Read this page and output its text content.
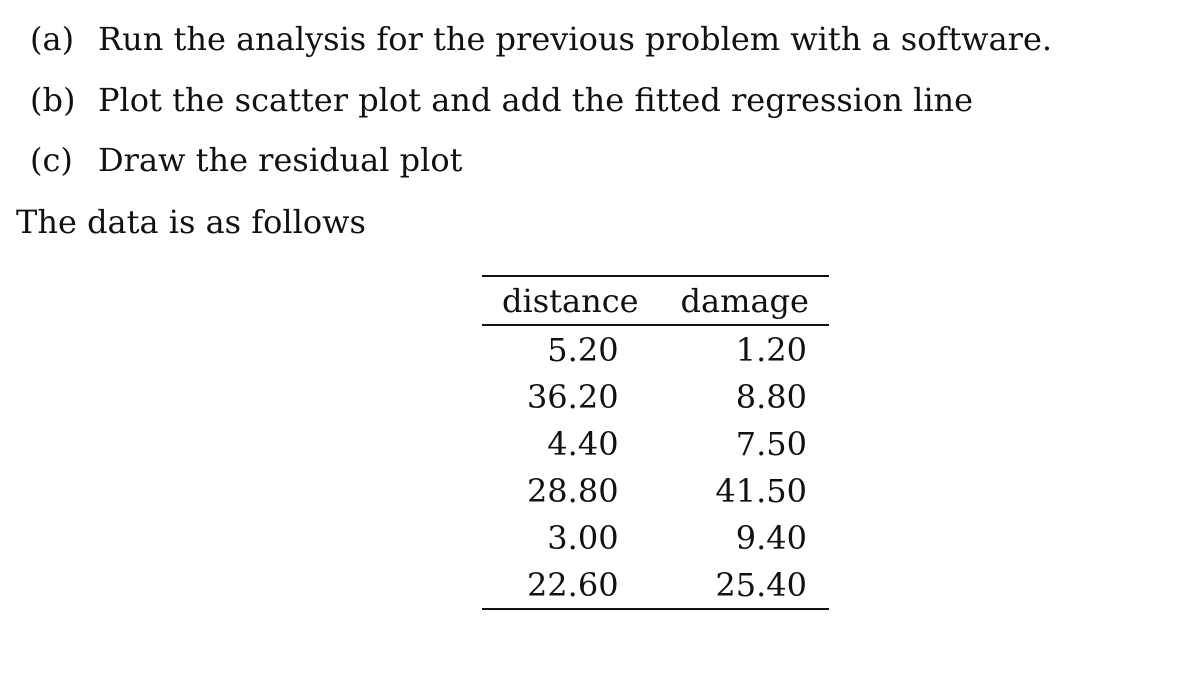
(a) Run the analysis for the previous problem with a software.
(b) Plot the scatter plot and add the fitted regression line
(c) Draw the residual plot
The data is as follows
distance	damage
5.20	1.20
36.20	8.80
4.40	7.50
28.80	41.50
3.00	9.40
22.60	25.40
